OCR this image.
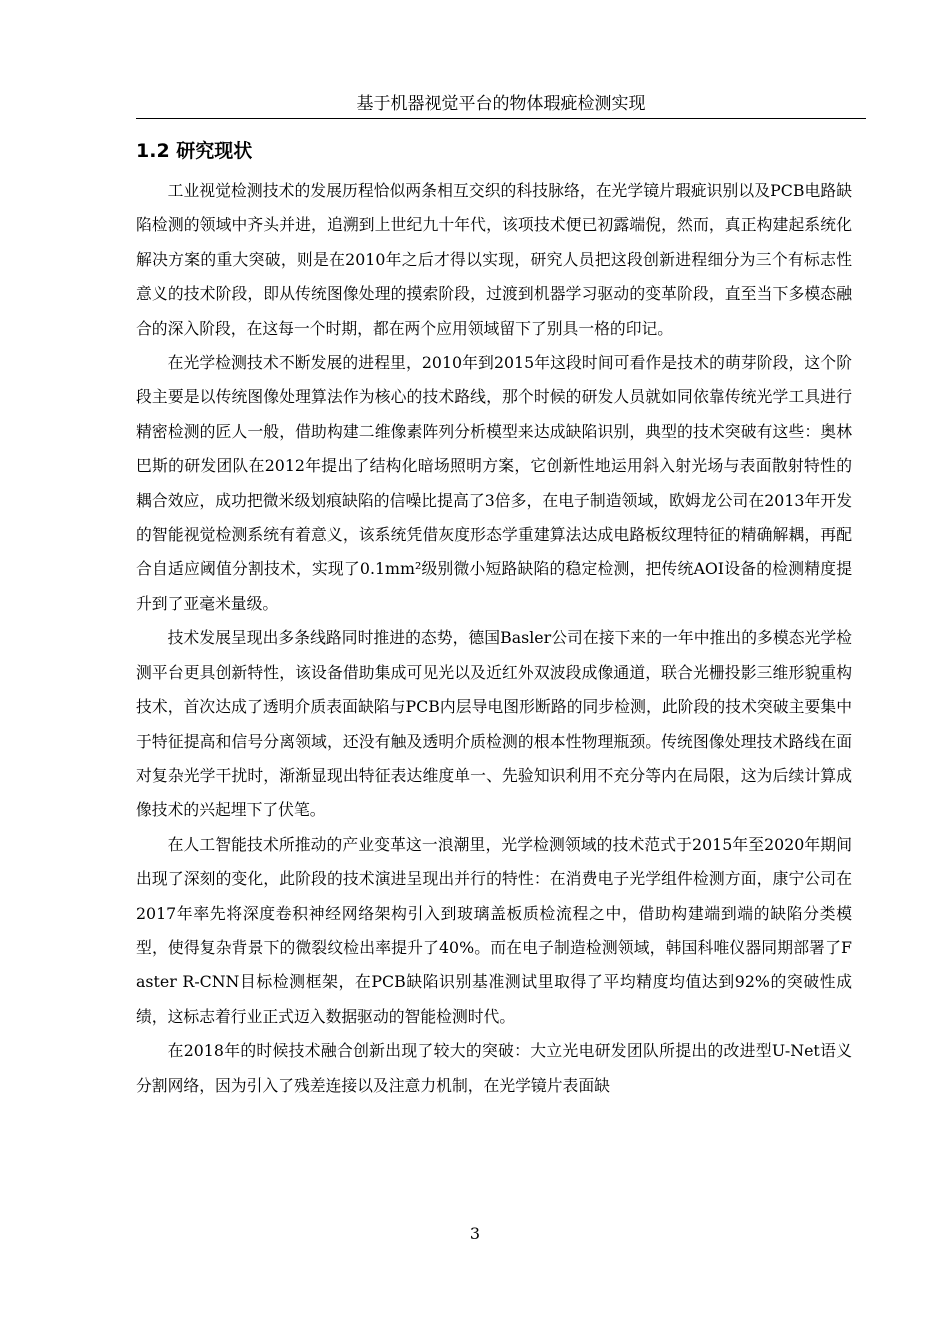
基于机器视觉平台的物体瑕疵检测实现
1.2 研究现状

工业视觉检测技术的发展历程恰似两条相互交织的科技脉络，在光学镜片瑕疵识别以及PCB电路缺陷检测的领域中齐头并进，追溯到上世纪九十年代，该项技术便已初露端倪，然而，真正构建起系统化解决方案的重大突破，则是在2010年之后才得以实现，研究人员把这段创新进程细分为三个有标志性意义的技术阶段，即从传统图像处理的摸索阶段，过渡到机器学习驱动的变革阶段，直至当下多模态融合的深入阶段，在这每一个时期，都在两个应用领域留下了别具一格的印记。

在光学检测技术不断发展的进程里，2010年到2015年这段时间可看作是技术的萌芽阶段，这个阶段主要是以传统图像处理算法作为核心的技术路线，那个时候的研发人员就如同依靠传统光学工具进行精密检测的匠人一般，借助构建二维像素阵列分析模型来达成缺陷识别，典型的技术突破有这些：奥林巴斯的研发团队在2012年提出了结构化暗场照明方案，它创新性地运用斜入射光场与表面散射特性的耦合效应，成功把微米级划痕缺陷的信噪比提高了3倍多，在电子制造领域，欧姆龙公司在2013年开发的智能视觉检测系统有着意义，该系统凭借灰度形态学重建算法达成电路板纹理特征的精确解耦，再配合自适应阈值分割技术，实现了0.1mm²级别微小短路缺陷的稳定检测，把传统AOI设备的检测精度提升到了亚毫米量级。

技术发展呈现出多条线路同时推进的态势，德国Basler公司在接下来的一年中推出的多模态光学检测平台更具创新特性，该设备借助集成可见光以及近红外双波段成像通道，联合光栅投影三维形貌重构技术，首次达成了透明介质表面缺陷与PCB内层导电图形断路的同步检测，此阶段的技术突破主要集中于特征提高和信号分离领域，还没有触及透明介质检测的根本性物理瓶颈。传统图像处理技术路线在面对复杂光学干扰时，渐渐显现出特征表达维度单一、先验知识利用不充分等内在局限，这为后续计算成像技术的兴起埋下了伏笔。

在人工智能技术所推动的产业变革这一浪潮里，光学检测领域的技术范式于2015年至2020年期间出现了深刻的变化，此阶段的技术演进呈现出并行的特性：在消费电子光学组件检测方面，康宁公司在2017年率先将深度卷积神经网络架构引入到玻璃盖板质检流程之中，借助构建端到端的缺陷分类模型，使得复杂背景下的微裂纹检出率提升了40%。而在电子制造检测领域，韩国科唯仪器同期部署了Faster R-CNN目标检测框架，在PCB缺陷识别基准测试里取得了平均精度均值达到92%的突破性成绩，这标志着行业正式迈入数据驱动的智能检测时代。

在2018年的时候技术融合创新出现了较大的突破：大立光电研发团队所提出的改进型U-Net语义分割网络，因为引入了残差连接以及注意力机制，在光学镜片表面缺

3
